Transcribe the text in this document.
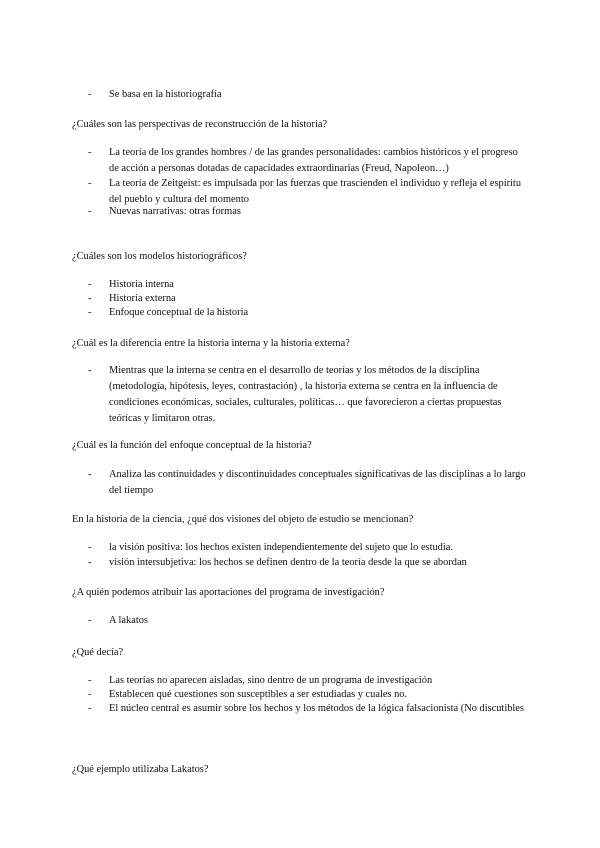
-	Se basa en la historiografía
¿Cuáles son las perspectivas de reconstrucción de la historia?
-	La teoría de los grandes hombres / de las grandes personalidades: cambios históricos y el progreso de acción a personas dotadas de capacidades extraordinarias (Freud, Napoleon…)
-	La teoría de Zeitgeist: es impulsada por las fuerzas que trascienden el individuo y refleja el espíritu del pueblo y cultura del momento
-	Nuevas narrativas: otras formas
¿Cuáles son los modelos historiográficos?
-	Historia interna
-	Historia externa
-	Enfoque conceptual de la historia
¿Cuál es la diferencia entre la historia interna y la historia externa?
-	Mientras que la interna se centra en el desarrollo de teorías y los métodos de la disciplina (metodología, hipótesis, leyes, contrastación) , la historia externa se centra en la influencia de condiciones económicas, sociales, culturales, políticas… que favorecieron a ciertas propuestas teóricas y limitaron otras.
¿Cuál es la función del enfoque conceptual de la historia?
-	Analiza las continuidades y discontinuidades conceptuales significativas de las disciplinas a lo largo del tiempo
En la historia de la ciencia, ¿qué dos visiones del objeto de estudio se mencionan?
-	la visión positiva: los hechos existen independientemente del sujeto que lo estudia.
-	visión intersubjetiva: los hechos se definen dentro de la teoría desde la que se abordan
¿A quién podemos atribuir las aportaciones del programa de investigación?
-	A lakatos
¿Qué decía?
-	Las teorías no aparecen aisladas, sino dentro de un programa de investigación
-	Establecen qué cuestiones son susceptibles a ser estudiadas y cuales no.
-	El núcleo central es asumir sobre los hechos y los métodos de la lógica falsacionista (No discutibles
¿Qué ejemplo utilizaba Lakatos?
